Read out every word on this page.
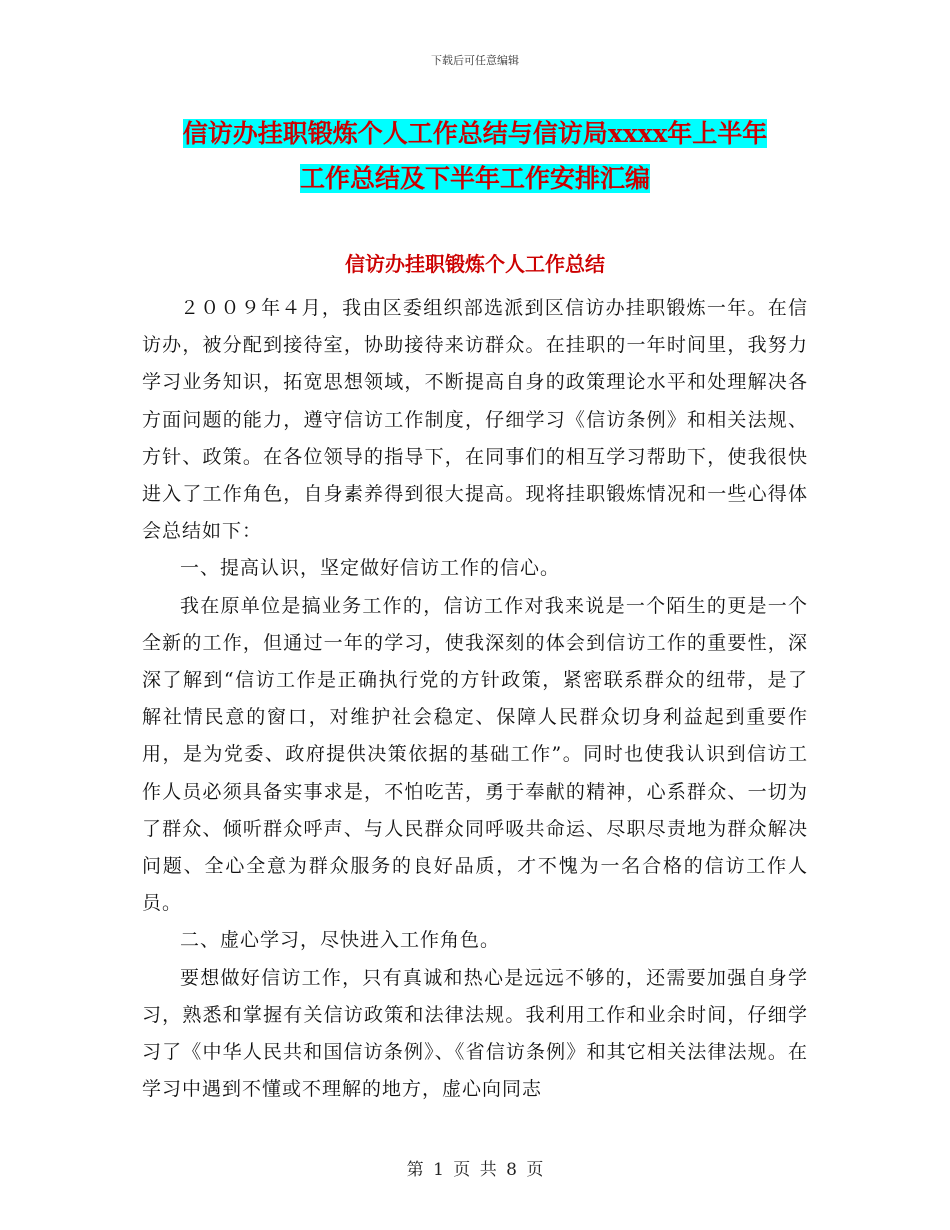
下载后可任意编辑
信访办挂职锻炼个人工作总结与信访局xxxx年上半年
工作总结及下半年工作安排汇编
信访办挂职锻炼个人工作总结

２００９年４月，我由区委组织部选派到区信访办挂职锻炼一年。在信访办，被分配到接待室，协助接待来访群众。在挂职的一年时间里，我努力学习业务知识，拓宽思想领域，不断提高自身的政策理论水平和处理解决各方面问题的能力，遵守信访工作制度，仔细学习《信访条例》和相关法规、方针、政策。在各位领导的指导下，在同事们的相互学习帮助下，使我很快进入了工作角色，自身素养得到很大提高。现将挂职锻炼情况和一些心得体会总结如下：

一、提高认识，坚定做好信访工作的信心。

我在原单位是搞业务工作的，信访工作对我来说是一个陌生的更是一个全新的工作，但通过一年的学习，使我深刻的体会到信访工作的重要性，深深了解到“信访工作是正确执行党的方针政策，紧密联系群众的纽带，是了解社情民意的窗口，对维护社会稳定、保障人民群众切身利益起到重要作用，是为党委、政府提供决策依据的基础工作”。同时也使我认识到信访工作人员必须具备实事求是，不怕吃苦，勇于奉献的精神，心系群众、一切为了群众、倾听群众呼声、与人民群众同呼吸共命运、尽职尽责地为群众解决问题、全心全意为群众服务的良好品质，才不愧为一名合格的信访工作人员。

二、虚心学习，尽快进入工作角色。

要想做好信访工作，只有真诚和热心是远远不够的，还需要加强自身学习，熟悉和掌握有关信访政策和法律法规。我利用工作和业余时间，仔细学习了《中华人民共和国信访条例》、《省信访条例》和其它相关法律法规。在学习中遇到不懂或不理解的地方，虚心向同志

第 1 页 共 8 页
